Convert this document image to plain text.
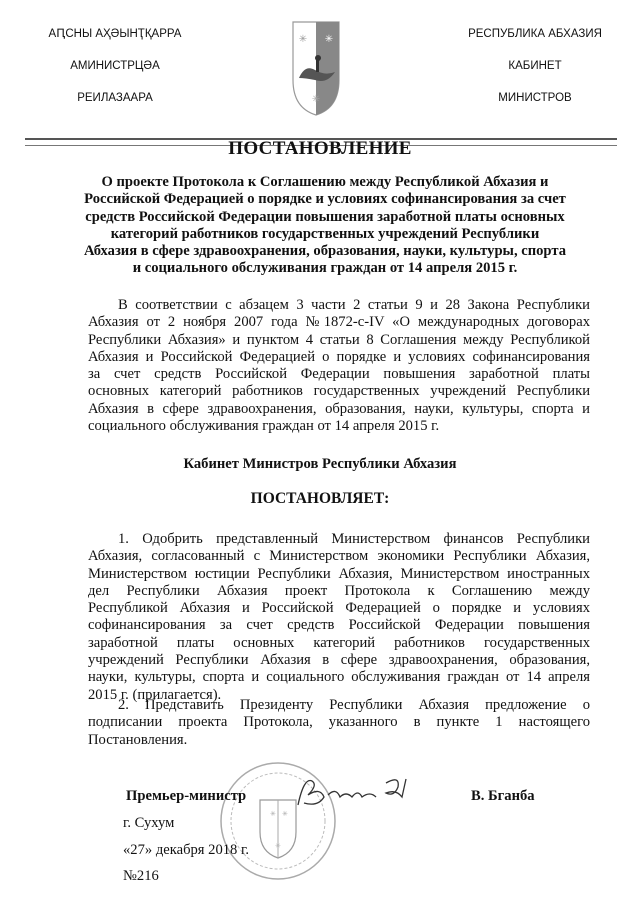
АԤСНЫ АҲӘЫНҬҚАРРА
АМИНИСТРЦӘА
РЕИЛАЗААРА
✳ ✳
✳
РЕСПУБЛИКА АБХАЗИЯ
КАБИНЕТ
МИНИСТРОВ
ПОСТАНОВЛЕНИЕ
О проекте Протокола к Соглашению между Республикой Абхазия и
Российской Федерацией о порядке и условиях софинансирования за счет
средств Российской Федерации повышения заработной платы основных
категорий работников государственных учреждений Республики
Абхазия в сфере здравоохранения, образования, науки, культуры, спорта
и социального обслуживания граждан от 14 апреля 2015 г.
В соответствии с абзацем 3 части 2 статьи 9 и 28 Закона Республики
Абхазия от 2 ноября 2007 года №1872-с-IV «О международных договорах
Республики Абхазия» и пунктом 4 статьи 8 Соглашения между Республикой
Абхазия и Российской Федерацией о порядке и условиях софинансирования
за счет средств Российской Федерации повышения заработной платы
основных категорий работников государственных учреждений Республики
Абхазия в сфере здравоохранения, образования, науки, культуры, спорта и
социального обслуживания граждан от 14 апреля 2015 г.
Кабинет Министров Республики Абхазия
ПОСТАНОВЛЯЕТ:
1. Одобрить представленный Министерством финансов Республики
Абхазия, согласованный с Министерством экономики Республики Абхазия,
Министерством юстиции Республики Абхазия, Министерством иностранных
дел Республики Абхазия проект Протокола к Соглашению между
Республикой Абхазия и Российской Федерацией о порядке и условиях
софинансирования за счет средств Российской Федерации повышения
заработной платы основных категорий работников государственных
учреждений Республики Абхазия в сфере здравоохранения, образования,
науки, культуры, спорта и социального обслуживания граждан от 14 апреля
2015 г. (прилагается).
2. Представить Президенту Республики Абхазия предложение о
подписании проекта Протокола, указанного в пункте 1 настоящего
Постановления.
✳ ✳
✳
Премьер-министр	В. Бганба
г. Сухум
«27» декабря 2018 г.
№216
